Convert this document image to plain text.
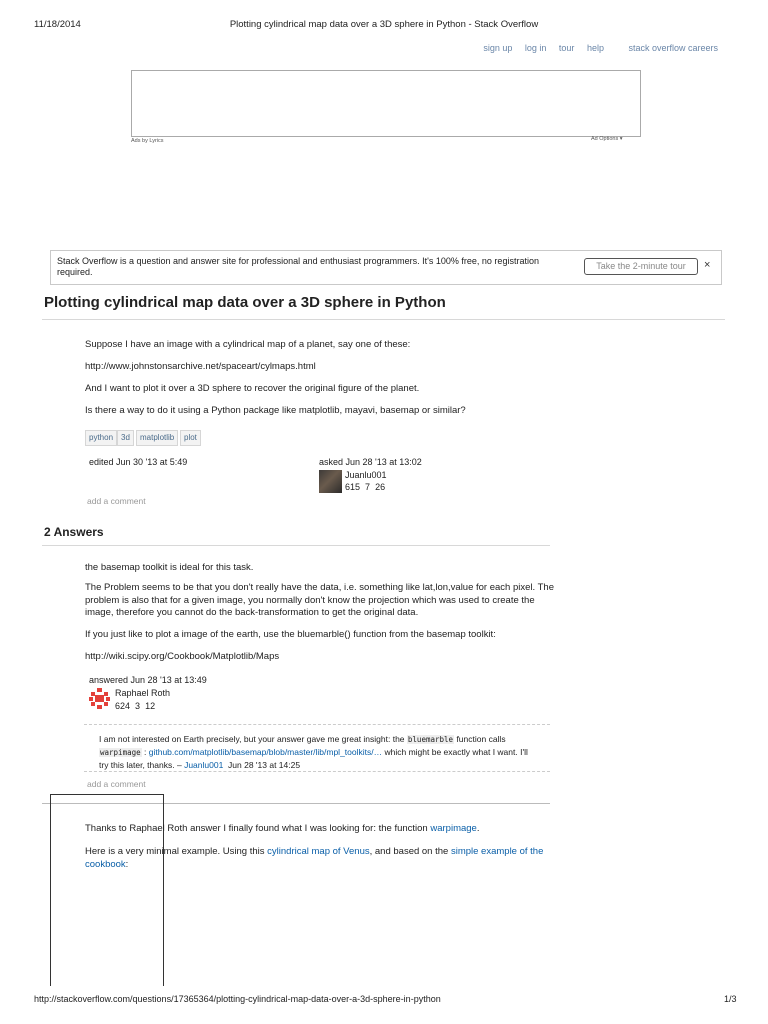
11/18/2014	Plotting cylindrical map data over a 3D sphere in Python - Stack Overflow
sign up log in tour help	stack overflow careers
Ads by Lyrics	Ad Options ▾
Stack Overflow is a question and answer site for professional and enthusiast programmers. It's 100% free, no registration required.
Take the 2-minute tour	×
Plotting cylindrical map data over a 3D sphere in Python
Suppose I have an image with a cylindrical map of a planet, say one of these:
http://www.johnstonsarchive.net/spaceart/cylmaps.html
And I want to plot it over a 3D sphere to recover the original figure of the planet.
Is there a way to do it using a Python package like matplotlib, mayavi, basemap or similar?
python 3d	matplotlib	plot
edited Jun 30 '13 at 5:49	asked Jun 28 '13 at 13:02
Juanlu001
615 7 26
add a comment
2 Answers
the basemap toolkit is ideal for this task.
The Problem seems to be that you don't really have the data, i.e. something like lat,lon,value for each pixel. The problem is also that for a given image, you normally don't know the projection which was used to create the image, therefore you cannot do the back-transformation to get the original data.
If you just like to plot a image of the earth, use the bluemarble() function from the basemap toolkit:
http://wiki.scipy.org/Cookbook/Matplotlib/Maps
answered Jun 28 '13 at 13:49
Raphael Roth
624 3 12
I am not interested on Earth precisely, but your answer gave me great insight: the bluemarble function calls warpimage : github.com/matplotlib/basemap/blob/master/lib/mpl_toolkits/… which might be exactly what I want. I'll try this later, thanks. – Juanlu001 Jun 28 '13 at 14:25
add a comment
Thanks to Raphael Roth answer I finally found what I was looking for: the function warpimage.
Here is a very minimal example. Using this cylindrical map of Venus, and based on the simple example of the cookbook:
http://stackoverflow.com/questions/17365364/plotting-cylindrical-map-data-over-a-3d-sphere-in-python	1/3
